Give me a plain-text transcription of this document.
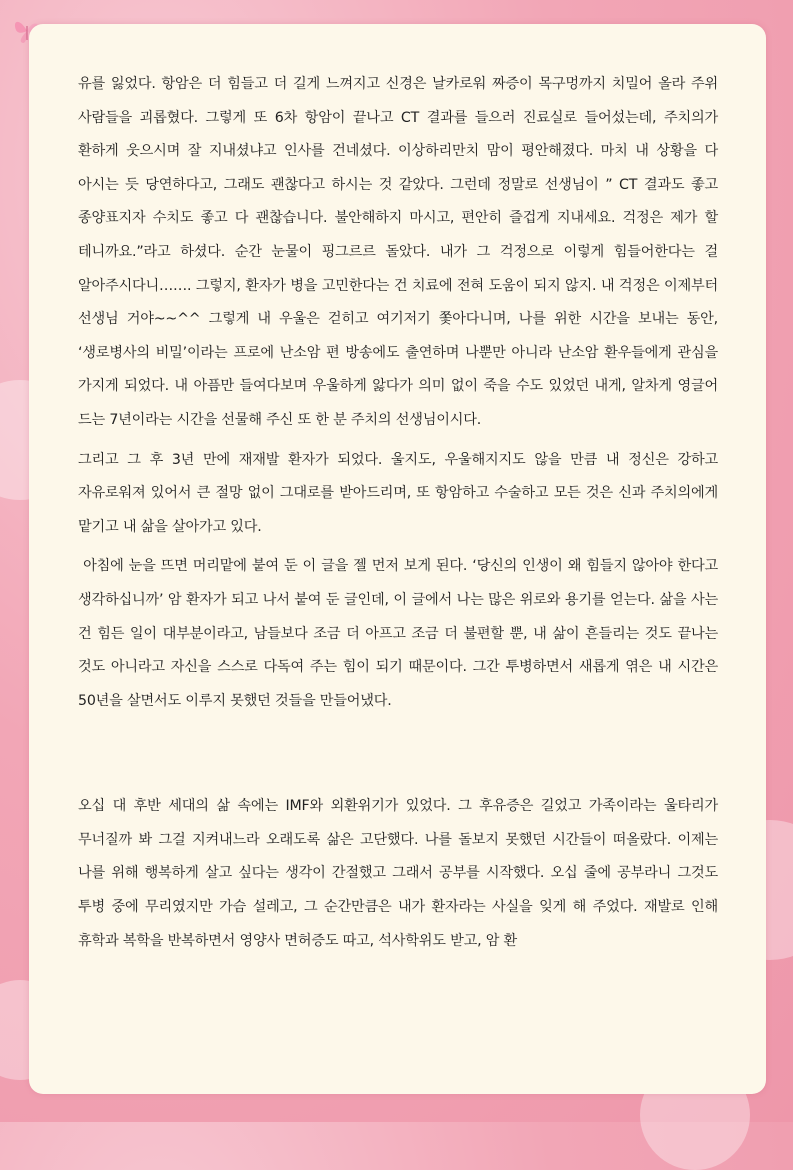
유를 잃었다. 항암은 더 힘들고 더 길게 느껴지고 신경은 날카로워 짜증이 목구멍까지 치밀어 올라 주위 사람들을 괴롭혔다. 그렇게 또 6차 항암이 끝나고 CT 결과를 들으러 진료실로 들어섰는데, 주치의가 환하게 웃으시며 잘 지내셨냐고 인사를 건네셨다. 이상하리만치 맘이 평안해졌다. 마치 내 상황을 다 아시는 듯 당연하다고, 그래도 괜찮다고 하시는 것 같았다. 그런데 정말로 선생님이 ” CT 결과도 좋고 종양표지자 수치도 좋고 다 괜찮습니다. 불안해하지 마시고, 편안히 즐겁게 지내세요. 걱정은 제가 할 테니까요.”라고 하셨다. 순간 눈물이 핑그르르 돌았다. 내가 그 걱정으로 이렇게 힘들어한다는 걸 알아주시다니……. 그렇지, 환자가 병을 고민한다는 건 치료에 전혀 도움이 되지 않지. 내 걱정은 이제부터 선생님 거야~~^^ 그렇게 내 우울은 걷히고 여기저기 쫓아다니며, 나를 위한 시간을 보내는 동안, ‘생로병사의 비밀’이라는 프로에 난소암 편 방송에도 출연하며 나뿐만 아니라 난소암 환우들에게 관심을 가지게 되었다. 내 아픔만 들여다보며 우울하게 앓다가 의미 없이 죽을 수도 있었던 내게, 알차게 영글어 드는 7년이라는 시간을 선물해 주신 또 한 분 주치의 선생님이시다.

그리고 그 후 3년 만에 재재발 환자가 되었다. 울지도, 우울해지지도 않을 만큼 내 정신은 강하고 자유로워져 있어서 큰 절망 없이 그대로를 받아드리며, 또 항암하고 수술하고 모든 것은 신과 주치의에게 맡기고 내 삶을 살아가고 있다.

아침에 눈을 뜨면 머리맡에 붙여 둔 이 글을 젤 먼저 보게 된다. ‘당신의 인생이 왜 힘들지 않아야 한다고 생각하십니까’ 암 환자가 되고 나서 붙여 둔 글인데, 이 글에서 나는 많은 위로와 용기를 얻는다. 삶을 사는 건 힘든 일이 대부분이라고, 남들보다 조금 더 아프고 조금 더 불편할 뿐, 내 삶이 흔들리는 것도 끝나는 것도 아니라고 자신을 스스로 다독여 주는 힘이 되기 때문이다. 그간 투병하면서 새롭게 엮은 내 시간은 50년을 살면서도 이루지 못했던 것들을 만들어냈다.

오십 대 후반 세대의 삶 속에는 IMF와 외환위기가 있었다. 그 후유증은 길었고 가족이라는 울타리가 무너질까 봐 그걸 지켜내느라 오래도록 삶은 고단했다. 나를 돌보지 못했던 시간들이 떠올랐다. 이제는 나를 위해 행복하게 살고 싶다는 생각이 간절했고 그래서 공부를 시작했다. 오십 줄에 공부라니 그것도 투병 중에 무리였지만 가슴 설레고, 그 순간만큼은 내가 환자라는 사실을 잊게 해 주었다. 재발로 인해 휴학과 복학을 반복하면서 영양사 면허증도 따고, 석사학위도 받고, 암 환
